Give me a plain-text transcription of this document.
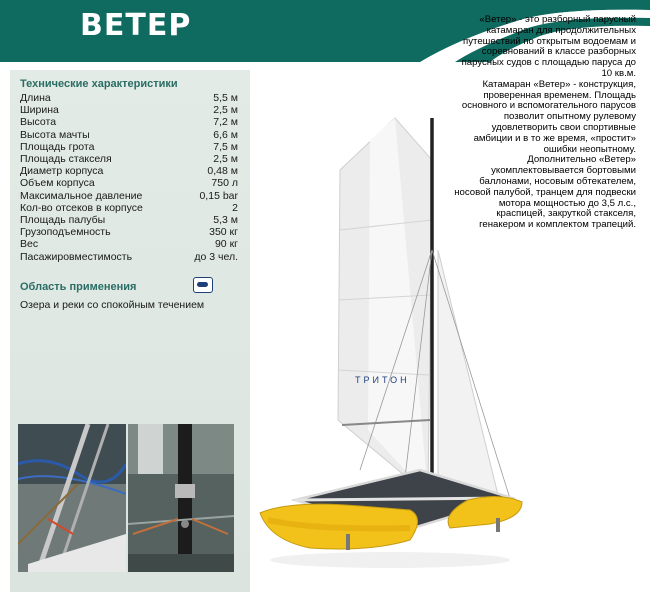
ВЕТЕР
Технические характеристики
Длина	5,5 м
Ширина	2,5 м
Высота	7,2 м
Высота мачты	6,6 м
Площадь грота	7,5 м
Площадь стакселя	2,5 м
Диаметр корпуса	0,48 м
Объем корпуса	750 л
Максимальное давление	0,15 bar
Кол-во отсеков в корпусе	2
Площадь палубы	5,3 м
Грузоподъемность	350 кг
Вес	90 кг
Пасажировместимость	до 3 чел.
Область применения
Озера и реки со спокойным течением

«Ветер» - это разборный парусный катамаран для продолжительных путешествий по открытым водоемам и соревнований в классе разборных парусных судов с площадью паруса до 10 кв.м.

Катамаран «Ветер» - конструкция, проверенная временем. Площадь основного и вспомогательного парусов позволит опытному рулевому удовлетворить свои спортивные амбиции и в то же время, «простит» ошибки неопытному.

Дополнительно «Ветер» укомплектовывается бортовыми баллонами, носовым обтекателем, носовой палубой, транцем для подвески мотора мощностью до 3,5 л.с., краспицей, закруткой стакселя, генакером и комплектом трапеций.

ТРИТОН
